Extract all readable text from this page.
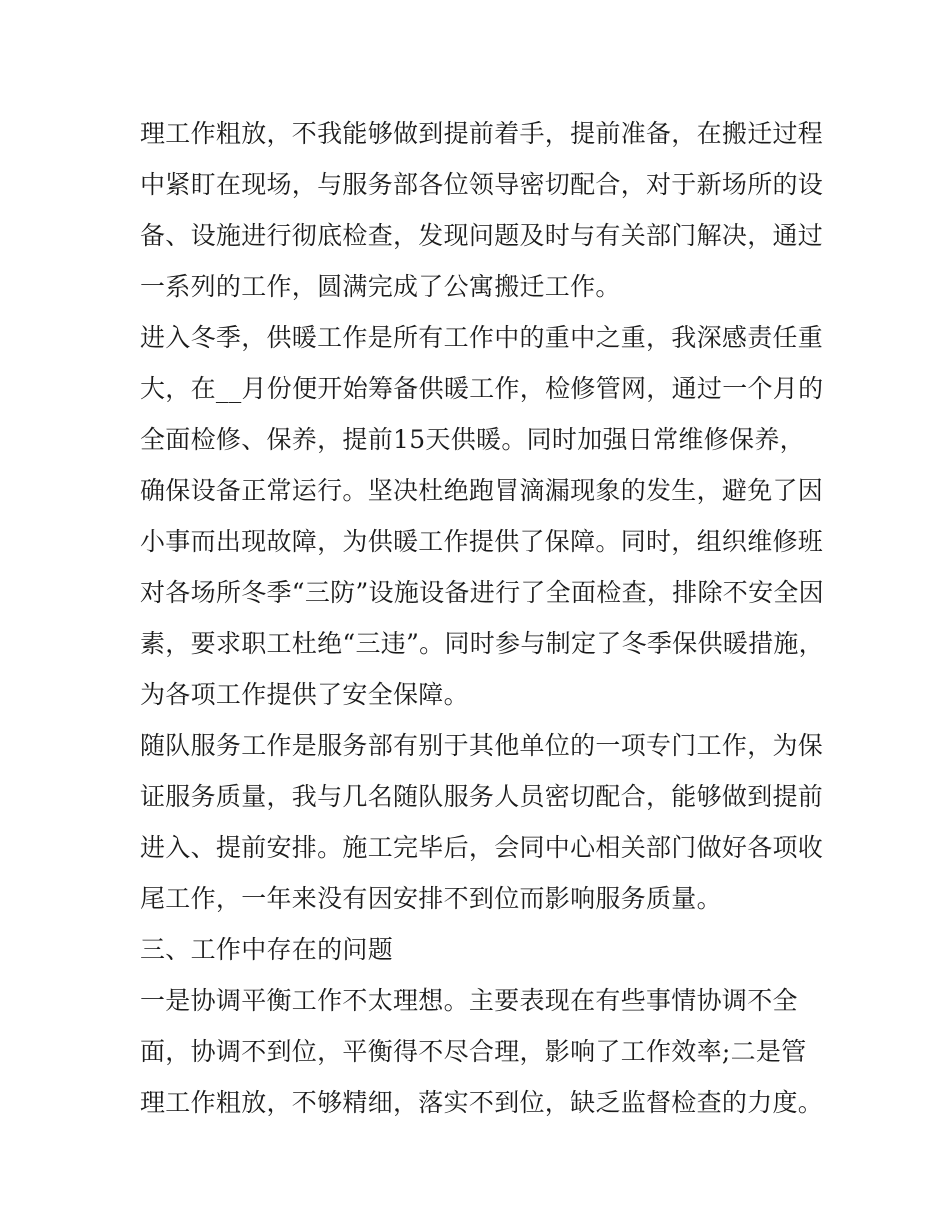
理工作粗放，不我能够做到提前着手，提前准备，在搬迁过程
中紧盯在现场，与服务部各位领导密切配合，对于新场所的设
备、设施进行彻底检查，发现问题及时与有关部门解决，通过
一系列的工作，圆满完成了公寓搬迁工作。
进入冬季，供暖工作是所有工作中的重中之重，我深感责任重
大，在__月份便开始筹备供暖工作，检修管网，通过一个月的
全面检修、保养，提前15天供暖。同时加强日常维修保养，
确保设备正常运行。坚决杜绝跑冒滴漏现象的发生，避免了因
小事而出现故障，为供暖工作提供了保障。同时，组织维修班
对各场所冬季“三防”设施设备进行了全面检查，排除不安全因
素，要求职工杜绝“三违”。同时参与制定了冬季保供暖措施，
为各项工作提供了安全保障。
随队服务工作是服务部有别于其他单位的一项专门工作，为保
证服务质量，我与几名随队服务人员密切配合，能够做到提前
进入、提前安排。施工完毕后，会同中心相关部门做好各项收
尾工作，一年来没有因安排不到位而影响服务质量。
三、工作中存在的问题
一是协调平衡工作不太理想。主要表现在有些事情协调不全
面，协调不到位，平衡得不尽合理，影响了工作效率;二是管
理工作粗放，不够精细，落实不到位，缺乏监督检查的力度。
